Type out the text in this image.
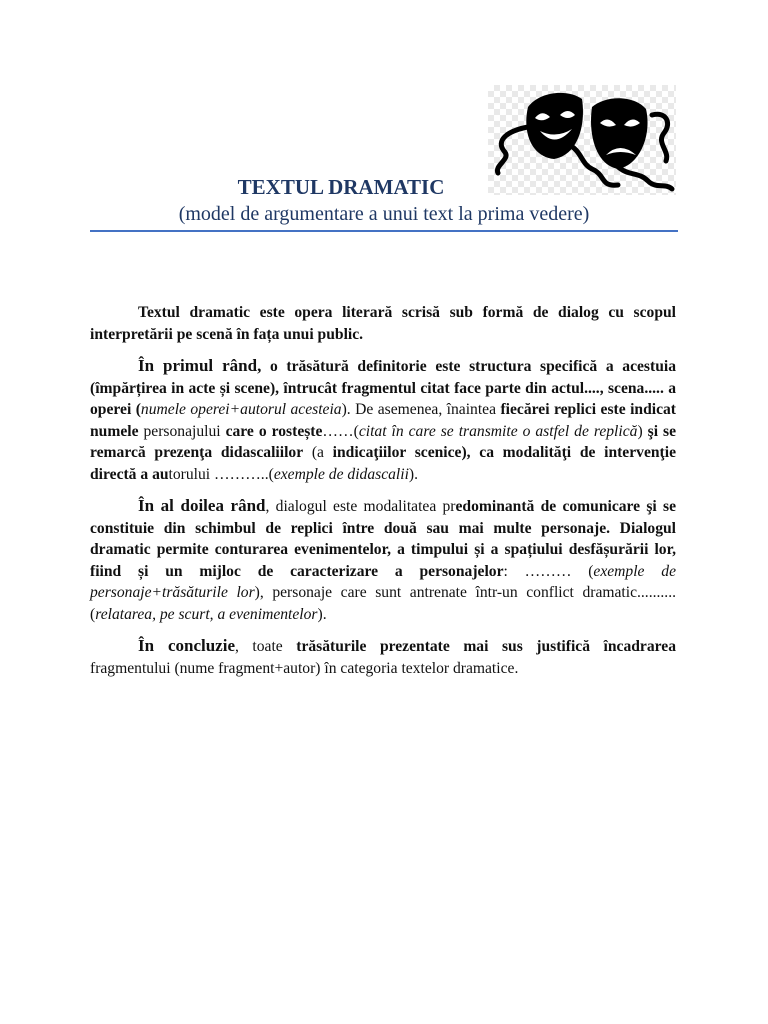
TEXTUL DRAMATIC
(model de argumentare a unui text la prima vedere)

Textul dramatic este opera literară scrisă sub formă de dialog cu scopul interpretării pe scenă în fața unui public.

În primul rând, o trăsătură definitorie este structura specifică a acestuia (împărțirea in acte și scene), întrucât fragmentul citat face parte din actul...., scena..... a operei (numele operei+autorul acesteia). De asemenea, înaintea fiecărei replici este indicat numele personajului care o rostește……(citat în care se transmite o astfel de replică) şi se remarcă prezenţa didascaliilor (a indicaţiilor scenice), ca modalităţi de intervenţie directă a autorului ………..(exemple de didascalii).

În al doilea rând, dialogul este modalitatea predominantă de comunicare şi se constituie din schimbul de replici între două sau mai multe personaje. Dialogul dramatic permite conturarea evenimentelor, a timpului și a spațiului desfășurării lor, fiind și un mijloc de caracterizare a personajelor: ……… (exemple de personaje+trăsăturile lor), personaje care sunt antrenate într-un conflict dramatic.......... (relatarea, pe scurt, a evenimentelor).

În concluzie, toate trăsăturile prezentate mai sus justifică încadrarea fragmentului (nume fragment+autor) în categoria textelor dramatice.
